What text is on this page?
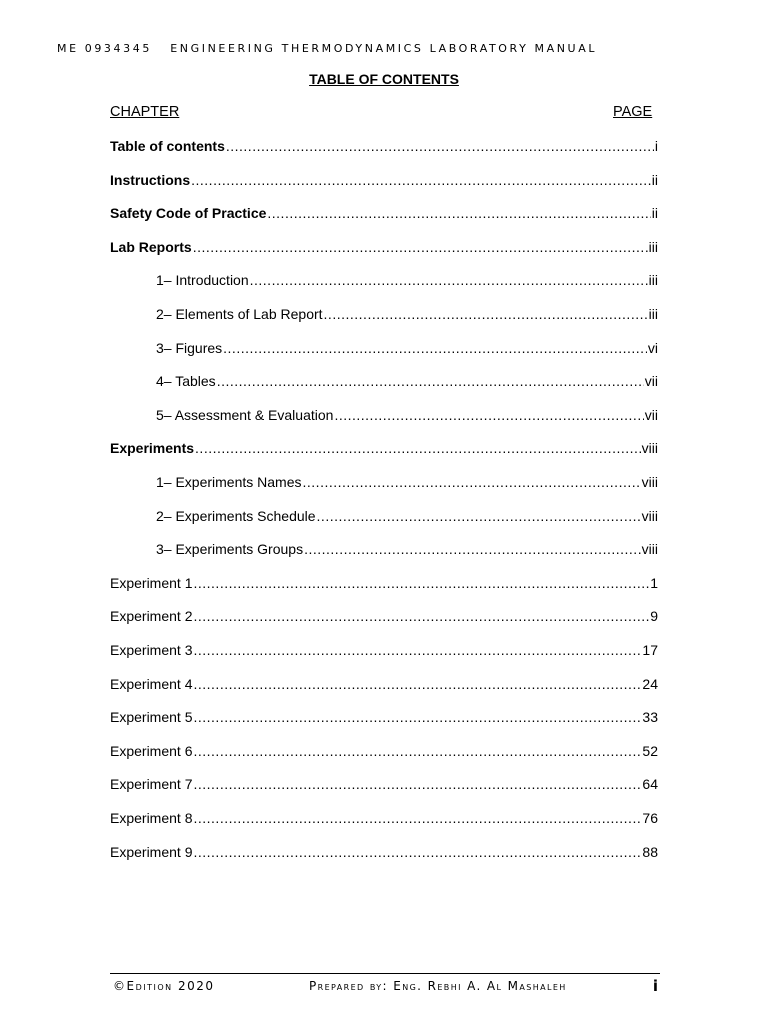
ME 0934345   ENGINEERING THERMODYNAMICS LABORATORY MANUAL
TABLE OF CONTENTS
CHAPTER	PAGE
Table of contents .....	i
Instructions .....	ii
Safety Code of Practice .....	ii
Lab Reports .....	iii
1– Introduction .....	iii
2– Elements of Lab Report .....	iii
3– Figures .....	vi
4– Tables .....	vii
5– Assessment & Evaluation .....	vii
Experiments .....	viii
1– Experiments Names .....	viii
2– Experiments Schedule .....	viii
3– Experiments Groups .....	viii
Experiment 1 .....	1
Experiment 2 .....	9
Experiment 3 .....	17
Experiment 4 .....	24
Experiment 5 .....	33
Experiment 6 .....	52
Experiment 7 .....	64
Experiment 8 .....	76
Experiment 9 .....	88
©Edition 2020	Prepared by: Eng. Rebhi A. Al Mashaleh	i
